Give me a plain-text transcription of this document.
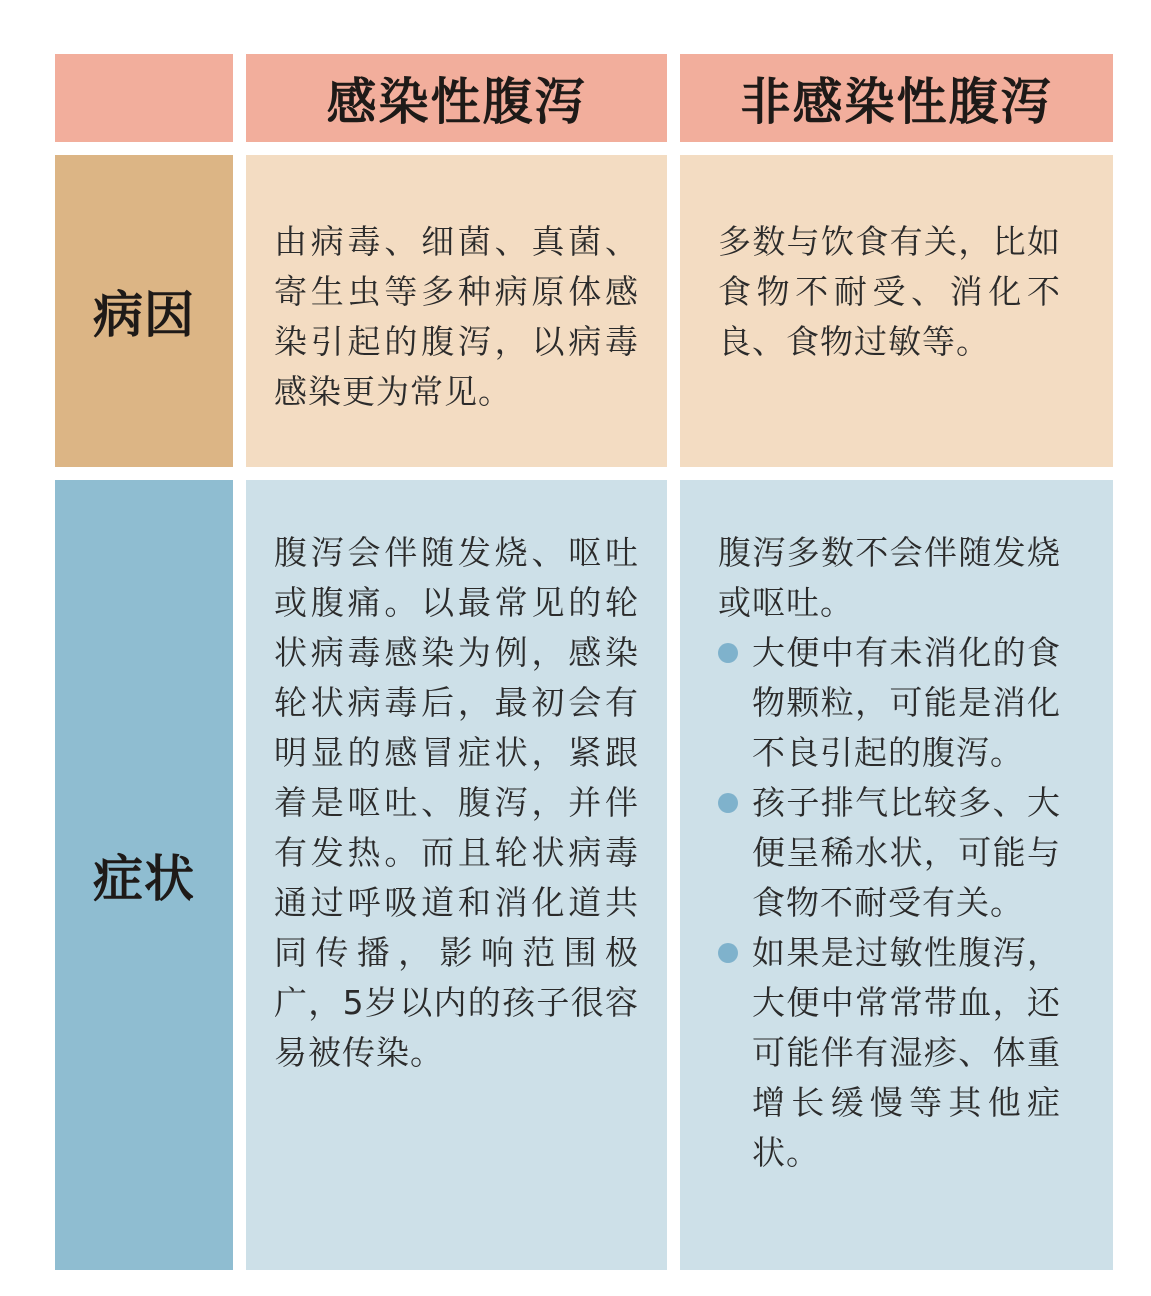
感染性腹泻	非感染性腹泻
病因
由病毒、细菌、真菌、寄生虫等多种病原体感染引起的腹泻，以病毒感染更为常见。
多数与饮食有关，比如食物不耐受、消化不良、食物过敏等。
症状
腹泻会伴随发烧、呕吐或腹痛。以最常见的轮状病毒感染为例，感染轮状病毒后，最初会有明显的感冒症状，紧跟着是呕吐、腹泻，并伴有发热。而且轮状病毒通过呼吸道和消化道共同传播，影响范围极广，5岁以内的孩子很容易被传染。

腹泻多数不会伴随发烧或呕吐。

大便中有未消化的食物颗粒，可能是消化不良引起的腹泻。
孩子排气比较多、大便呈稀水状，可能与食物不耐受有关。
如果是过敏性腹泻，大便中常常带血，还可能伴有湿疹、体重增长缓慢等其他症状。
